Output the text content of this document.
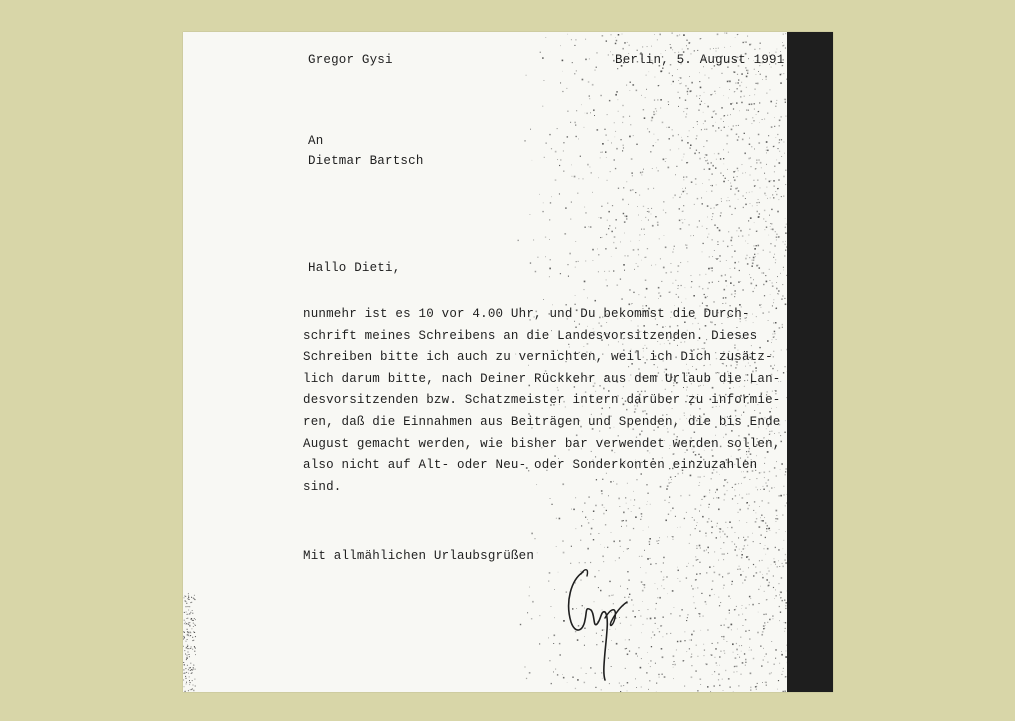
Gregor Gysi	Berlin, 5. August 1991
An
Dietmar Bartsch
Hallo Dieti,
nunmehr ist es 10 vor 4.00 Uhr, und Du bekommst die Durch-
schrift meines Schreibens an die Landesvorsitzenden. Dieses
Schreiben bitte ich auch zu vernichten, weil ich Dich zusätz-
lich darum bitte, nach Deiner Rückkehr aus dem Urlaub die Lan-
desvorsitzenden bzw. Schatzmeister intern darüber zu informie-
ren, daß die Einnahmen aus Beiträgen und Spenden, die bis Ende
August gemacht werden, wie bisher bar verwendet werden sollen,
also nicht auf Alt- oder Neu- oder Sonderkonten einzuzahlen
sind.
Mit allmählichen Urlaubsgrüßen
